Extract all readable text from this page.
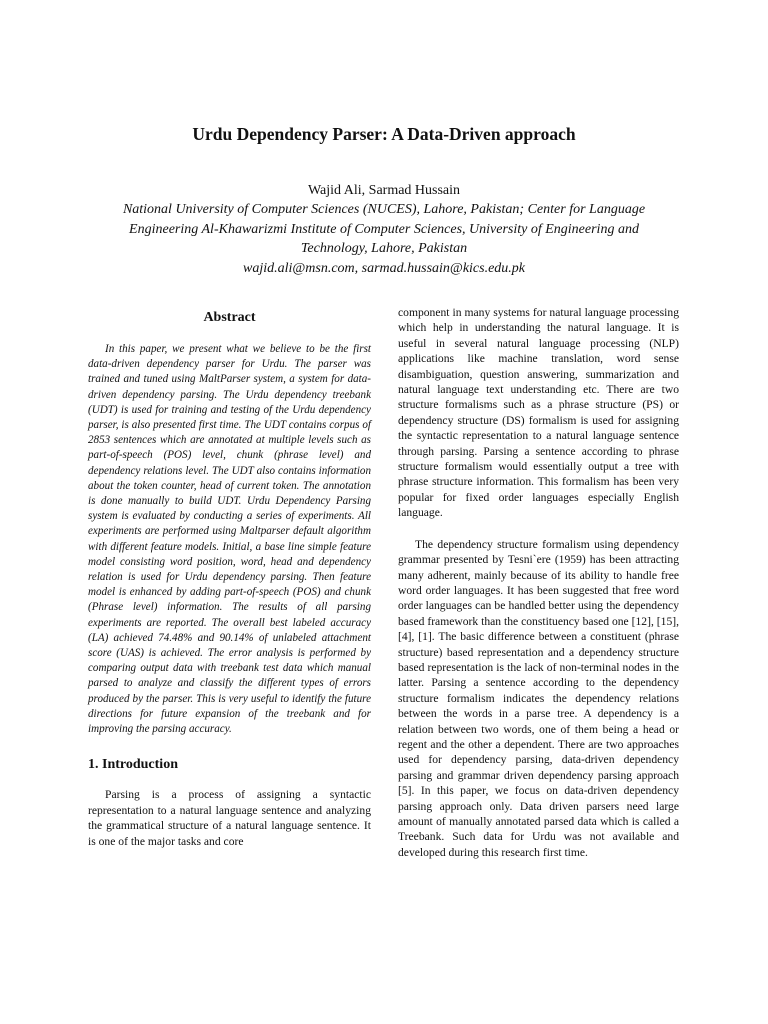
Urdu Dependency Parser: A Data-Driven approach
Wajid Ali, Sarmad Hussain
National University of Computer Sciences (NUCES), Lahore, Pakistan; Center for Language
Engineering Al-Khawarizmi Institute of Computer Sciences, University of Engineering and
Technology, Lahore, Pakistan
wajid.ali@msn.com, sarmad.hussain@kics.edu.pk
Abstract

In this paper, we present what we believe to be the first data-driven dependency parser for Urdu. The parser was trained and tuned using MaltParser system, a system for data-driven dependency parsing. The Urdu dependency treebank (UDT) is used for training and testing of the Urdu dependency parser, is also presented first time. The UDT contains corpus of 2853 sentences which are annotated at multiple levels such as part-of-speech (POS) level, chunk (phrase level) and dependency relations level. The UDT also contains information about the token counter, head of current token. The annotation is done manually to build UDT. Urdu Dependency Parsing system is evaluated by conducting a series of experiments. All experiments are performed using Maltparser default algorithm with different feature models. Initial, a base line simple feature model consisting word position, word, head and dependency relation is used for Urdu dependency parsing. Then feature model is enhanced by adding part-of-speech (POS) and chunk (Phrase level) information. The results of all parsing experiments are reported. The overall best labeled accuracy (LA) achieved 74.48% and 90.14% of unlabeled attachment score (UAS) is achieved. The error analysis is performed by comparing output data with treebank test data which manual parsed to analyze and classify the different types of errors produced by the parser. This is very useful to identify the future directions for future expansion of the treebank and for improving the parsing accuracy.

1. Introduction

Parsing is a process of assigning a syntactic representation to a natural language sentence and analyzing the grammatical structure of a natural language sentence. It is one of the major tasks and core

component in many systems for natural language processing which help in understanding the natural language. It is useful in several natural language processing (NLP) applications like machine translation, word sense disambiguation, question answering, summarization and natural language text understanding etc. There are two structure formalisms such as a phrase structure (PS) or dependency structure (DS) formalism is used for assigning the syntactic representation to a natural language sentence through parsing. Parsing a sentence according to phrase structure formalism would essentially output a tree with phrase structure information. This formalism has been very popular for fixed order languages especially English language.

The dependency structure formalism using dependency grammar presented by Tesni`ere (1959) has been attracting many adherent, mainly because of its ability to handle free word order languages. It has been suggested that free word order languages can be handled better using the dependency based framework than the constituency based one [12], [15], [4], [1]. The basic difference between a constituent (phrase structure) based representation and a dependency structure based representation is the lack of non-terminal nodes in the latter. Parsing a sentence according to the dependency structure formalism indicates the dependency relations between the words in a parse tree. A dependency is a relation between two words, one of them being a head or regent and the other a dependent. There are two approaches used for dependency parsing, data-driven dependency parsing and grammar driven dependency parsing approach [5]. In this paper, we focus on data-driven dependency parsing approach only. Data driven parsers need large amount of manually annotated parsed data which is called a Treebank. Such data for Urdu was not available and developed during this research first time.
